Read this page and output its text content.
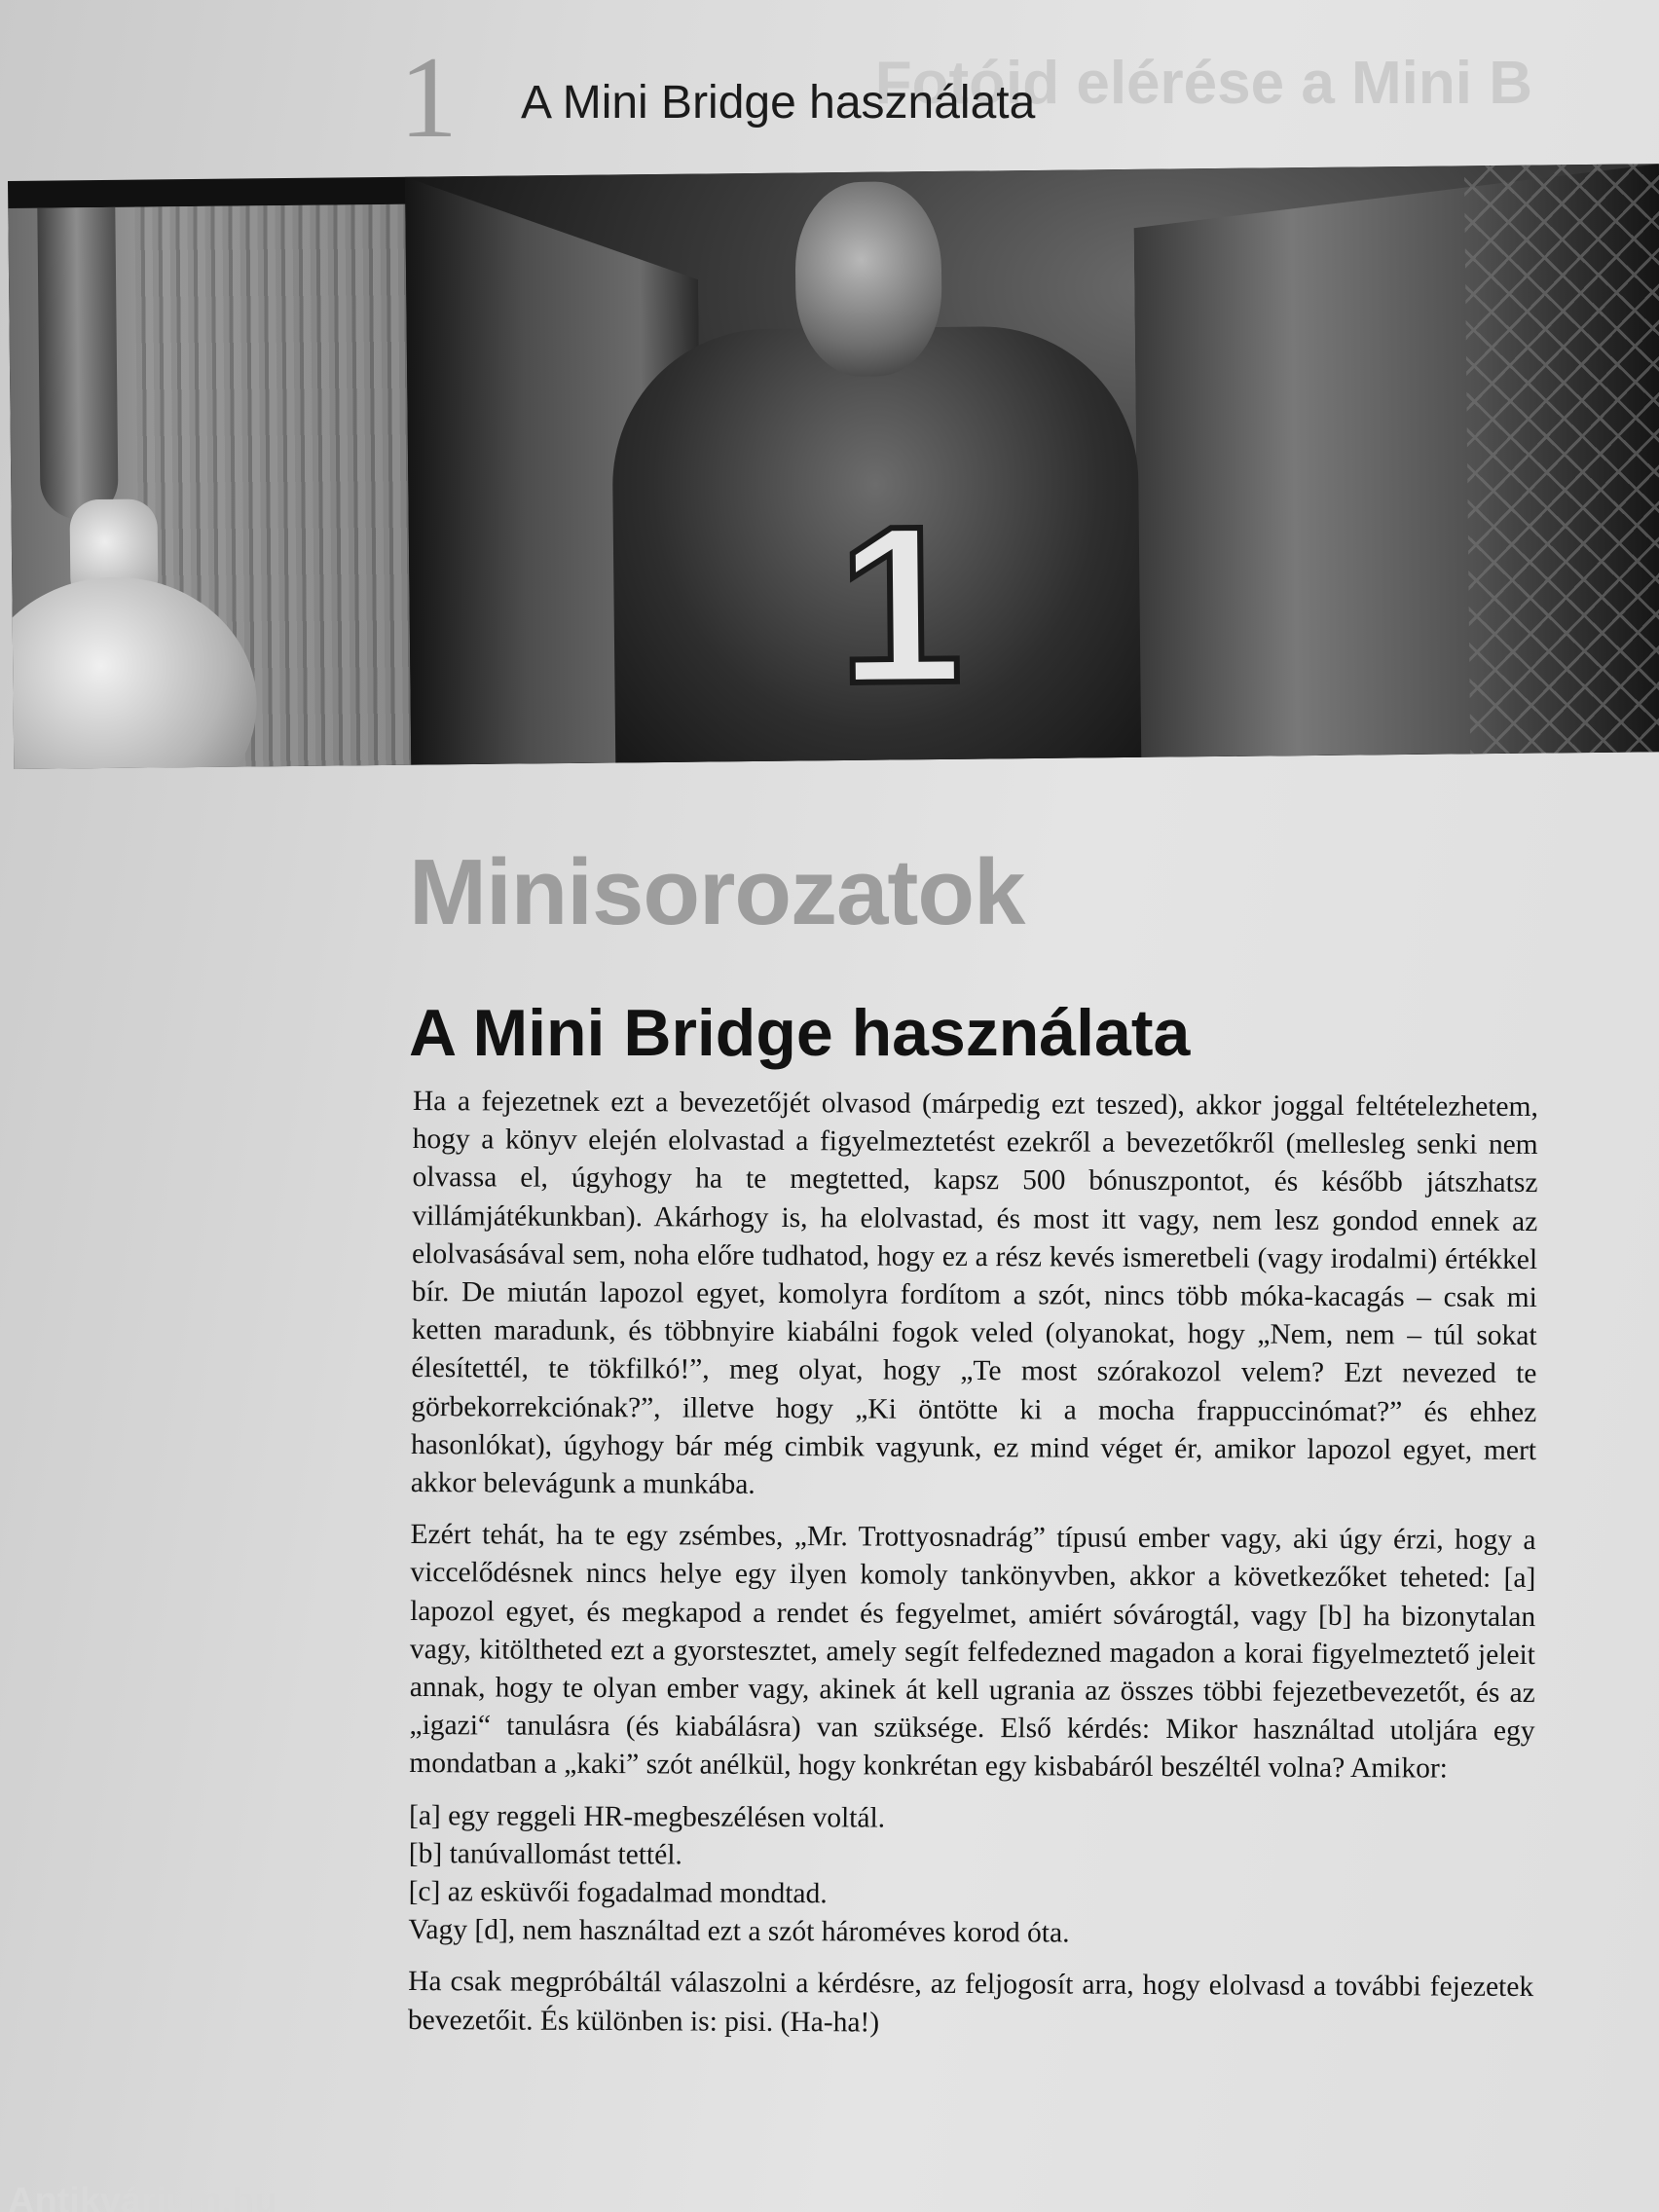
Fotóid elérése a Mini B
1 A Mini Bridge használata
1
Minisorozatok
A Mini Bridge használata

Ha a fejezetnek ezt a bevezetőjét olvasod (márpedig ezt teszed), akkor joggal feltételezhetem, hogy a könyv elején elolvastad a figyelmeztetést ezekről a bevezetőkről (mellesleg senki nem olvassa el, úgyhogy ha te megtetted, kapsz 500 bónuszpontot, és később játszhatsz villámjátékunkban). Akárhogy is, ha elolvastad, és most itt vagy, nem lesz gondod ennek az elolvasásával sem, noha előre tudhatod, hogy ez a rész kevés ismeretbeli (vagy irodalmi) értékkel bír. De miután lapozol egyet, komolyra fordítom a szót, nincs több móka-kacagás – csak mi ketten maradunk, és többnyire kiabálni fogok veled (olyanokat, hogy „Nem, nem – túl sokat élesítettél, te tökfilkó!”, meg olyat, hogy „Te most szórakozol velem? Ezt nevezed te görbekorrekciónak?”, illetve hogy „Ki öntötte ki a mocha frappuccinómat?” és ehhez hasonlókat), úgyhogy bár még cimbik vagyunk, ez mind véget ér, amikor lapozol egyet, mert akkor belevágunk a munkába.

Ezért tehát, ha te egy zsémbes, „Mr. Trottyosnadrág” típusú ember vagy, aki úgy érzi, hogy a viccelődésnek nincs helye egy ilyen komoly tankönyvben, akkor a következőket teheted: [a] lapozol egyet, és megkapod a rendet és fegyelmet, amiért sóvárogtál, vagy [b] ha bizonytalan vagy, kitöltheted ezt a gyorstesztet, amely segít felfedezned magadon a korai figyelmeztető jeleit annak, hogy te olyan ember vagy, akinek át kell ugrania az összes többi fejezetbevezetőt, és az „igazi“ tanulásra (és kiabálásra) van szüksége. Első kérdés: Mikor használtad utoljára egy mondatban a „kaki” szót anélkül, hogy konkrétan egy kisbabáról beszéltél volna? Amikor:

[a] egy reggeli HR-megbeszélésen voltál.
[b] tanúvallomást tettél.
[c] az esküvői fogadalmad mondtad.
Vagy [d], nem használtad ezt a szót hároméves korod óta.

Ha csak megpróbáltál válaszolni a kérdésre, az feljogosít arra, hogy elolvasd a további fejezetek bevezetőit. És különben is: pisi. (Ha-ha!)

Antikvárium.hu
